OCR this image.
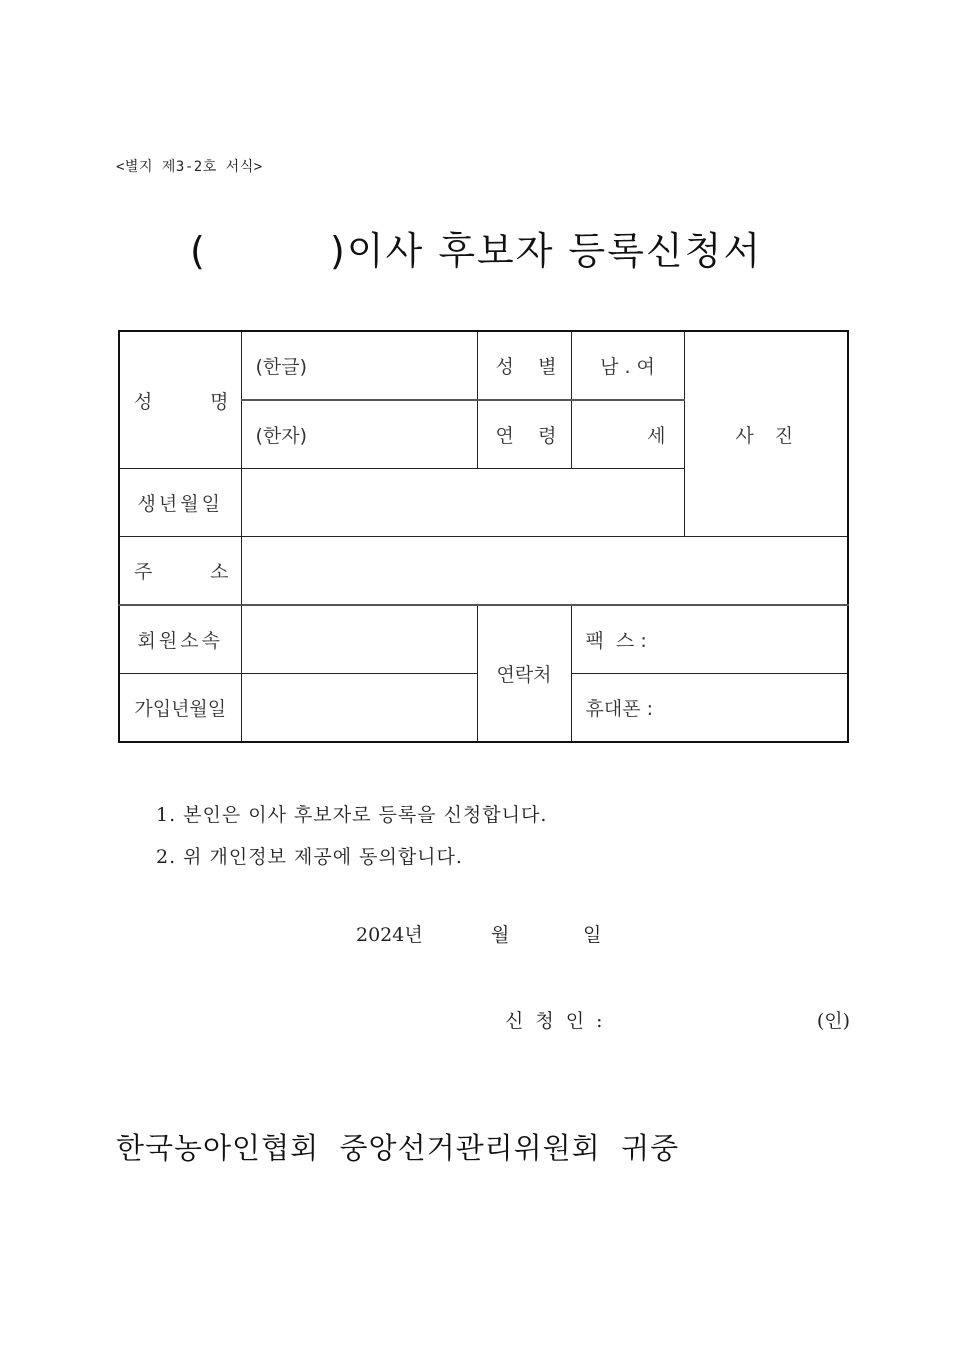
<별지 제3-2호 서식>
(	)이사 후보자 등록신청서
성 명	(한글)	성 별	남 . 여	사  진
	(한자)	연 령	세	
생년월일				

주 소				

회원소속		연락처	팩  스 :	
가입년월일			휴대폰 :	
1. 본인은 이사 후보자로 등록을 신청합니다.
2. 위 개인정보 제공에 동의합니다.
2024년	월	일
신 청 인 :	(인)
한국농아인협회  중앙선거관리위원회  귀중
